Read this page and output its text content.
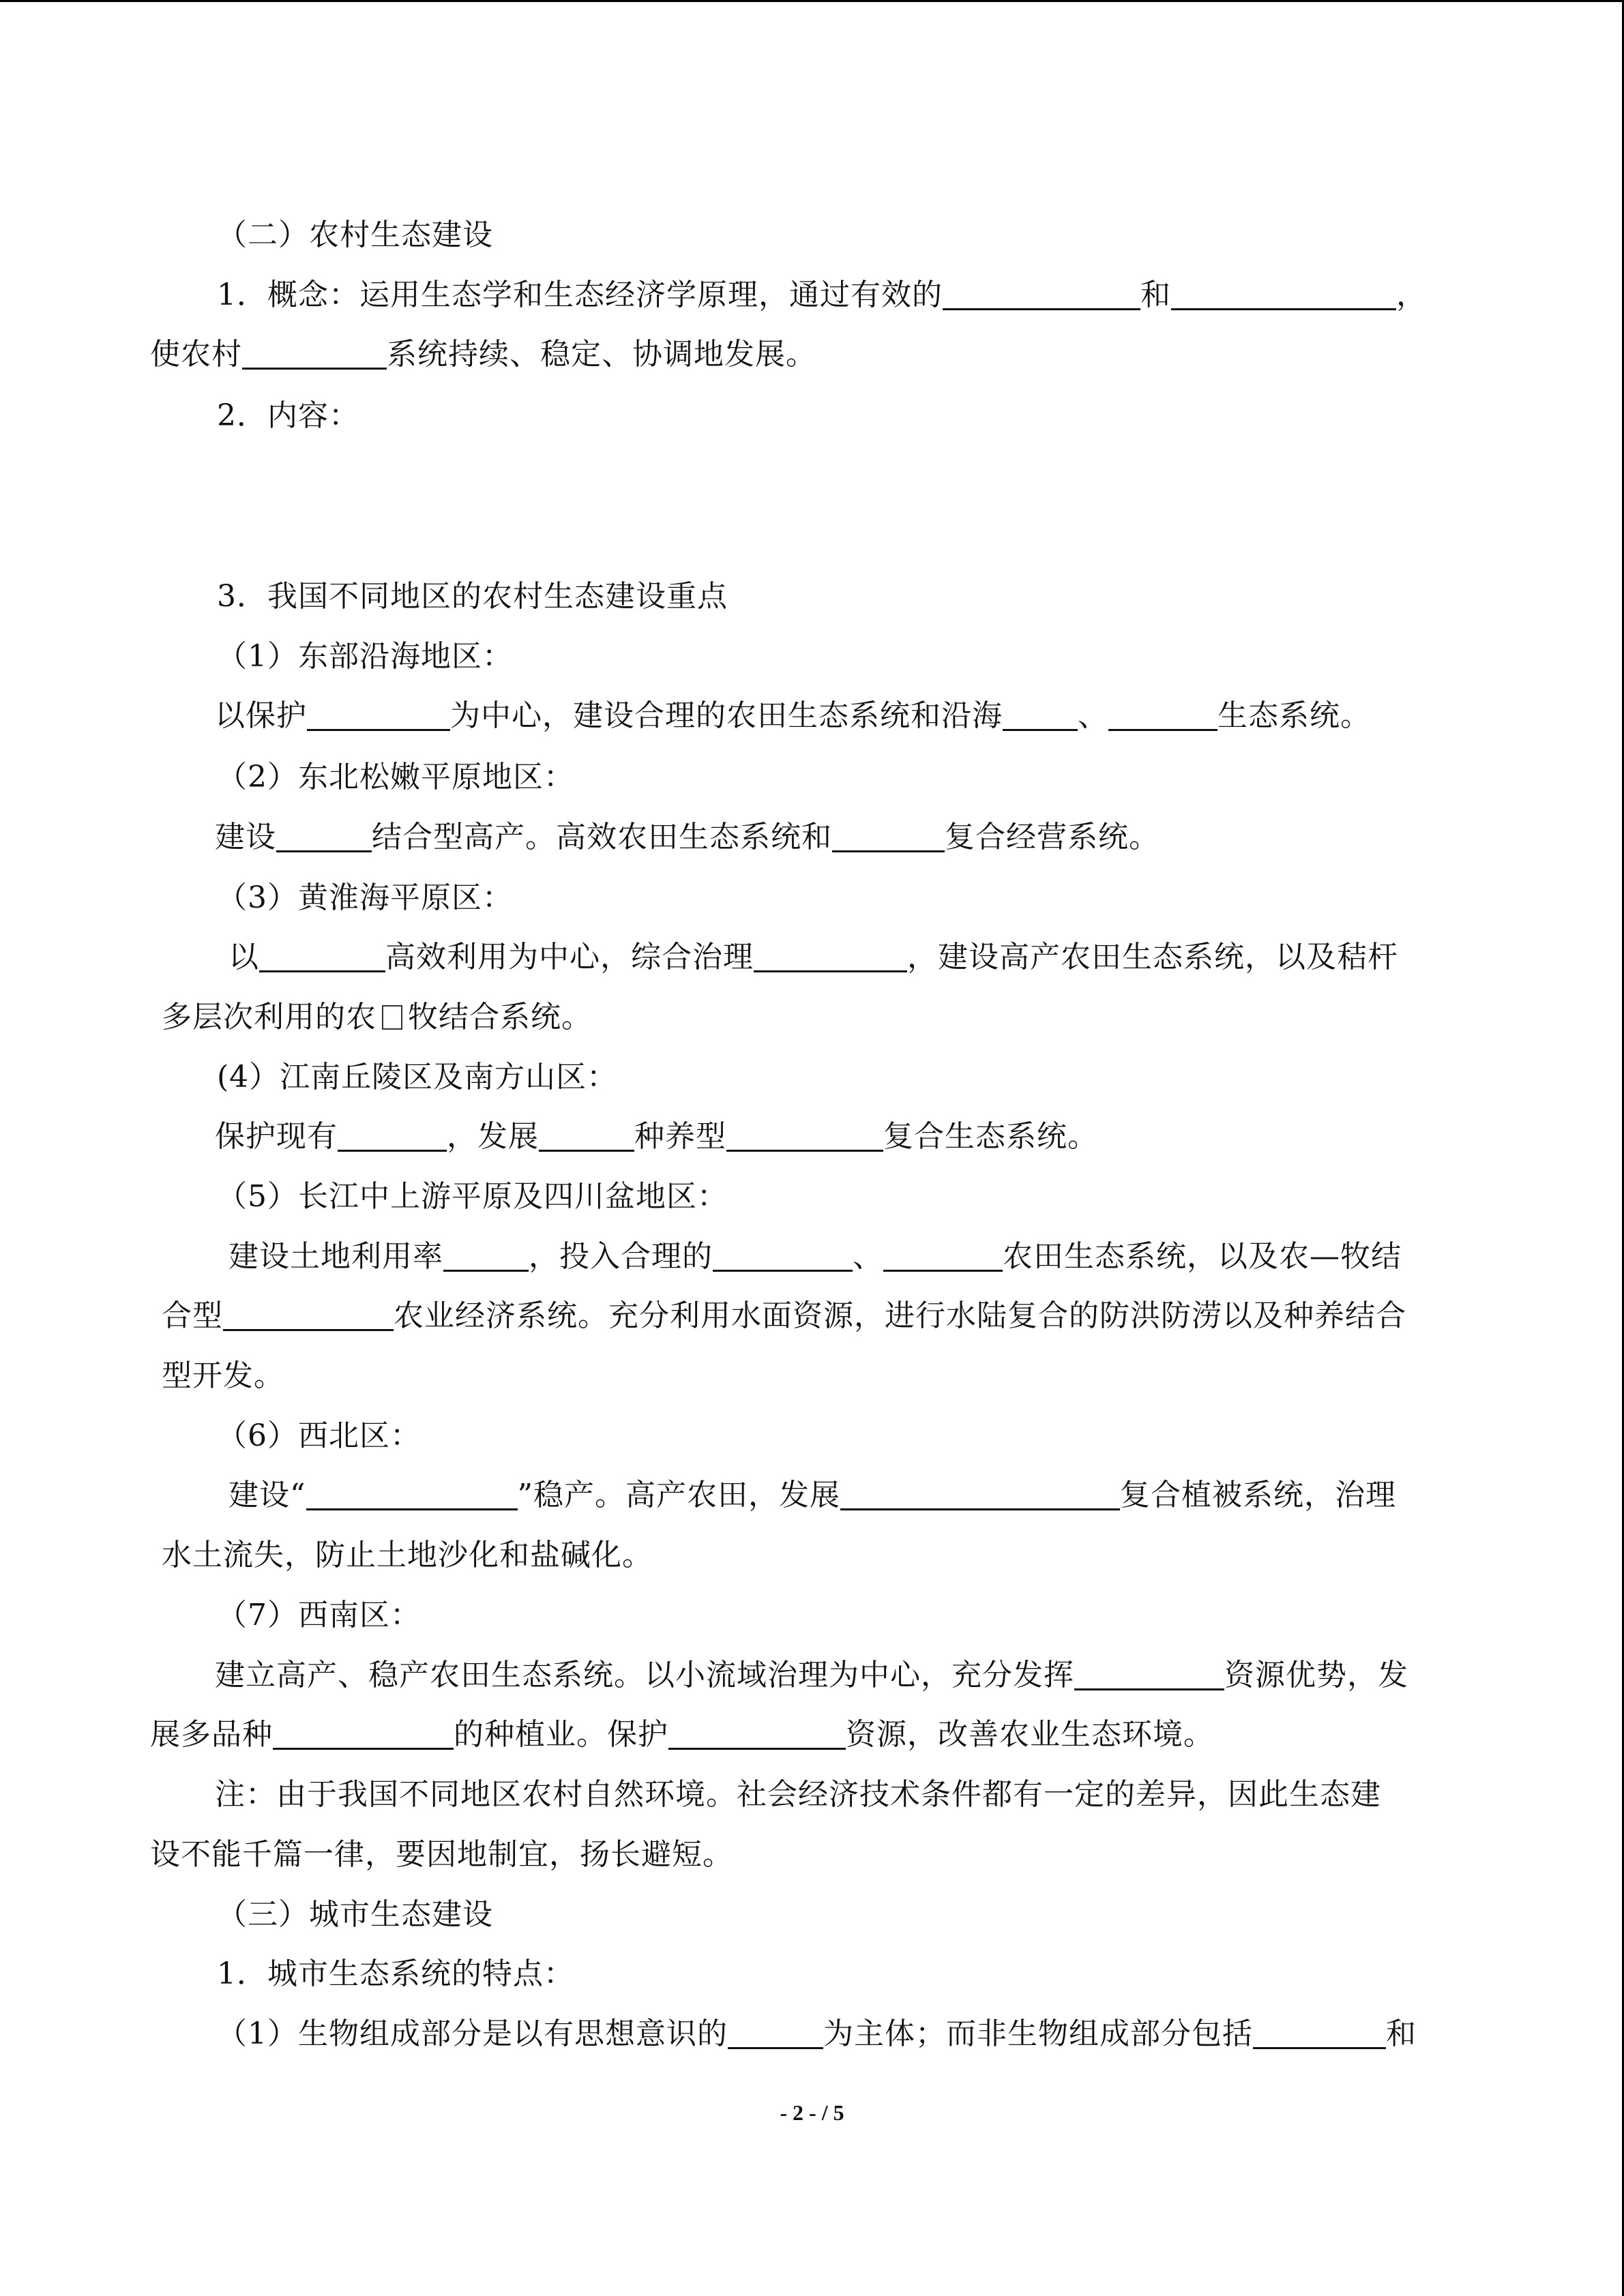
（二）农村生态建设
1．概念：运用生态学和生态经济学原理，通过有效的	和	，
使农村	系统持续、稳定、协调地发展。
2．内容：
3．我国不同地区的农村生态建设重点
（1）东部沿海地区：
以保护	为中心，建设合理的农田生态系统和沿海	、	生态系统。
（2）东北松嫩平原地区：
建设	结合型高产。高效农田生态系统和	复合经营系统。
（3）黄淮海平原区：
以	高效利用为中心，综合治理	，建设高产农田生态系统，以及秸杆
多层次利用的农 牧结合系统。
(4）江南丘陵区及南方山区：
保护现有	，发展	种养型	复合生态系统。
（5）长江中上游平原及四川盆地区：
建设土地利用率	，投入合理的	、	农田生态系统，以及农—牧结
合型	农业经济系统。充分利用水面资源，进行水陆复合的防洪防涝以及种养结合
型开发。
（6）西北区：
建设“	”稳产。高产农田，发展	复合植被系统，治理
水土流失，防止土地沙化和盐碱化。
（7）西南区：
建立高产、稳产农田生态系统。以小流域治理为中心，充分发挥	资源优势，发
展多品种	的种植业。保护	资源，改善农业生态环境。
注：由于我国不同地区农村自然环境。社会经济技术条件都有一定的差异，因此生态建
设不能千篇一律，要因地制宜，扬长避短。
（三）城市生态建设
1．城市生态系统的特点：
（1）生物组成部分是以有思想意识的	为主体；而非生物组成部分包括	和
- 2 - / 5
